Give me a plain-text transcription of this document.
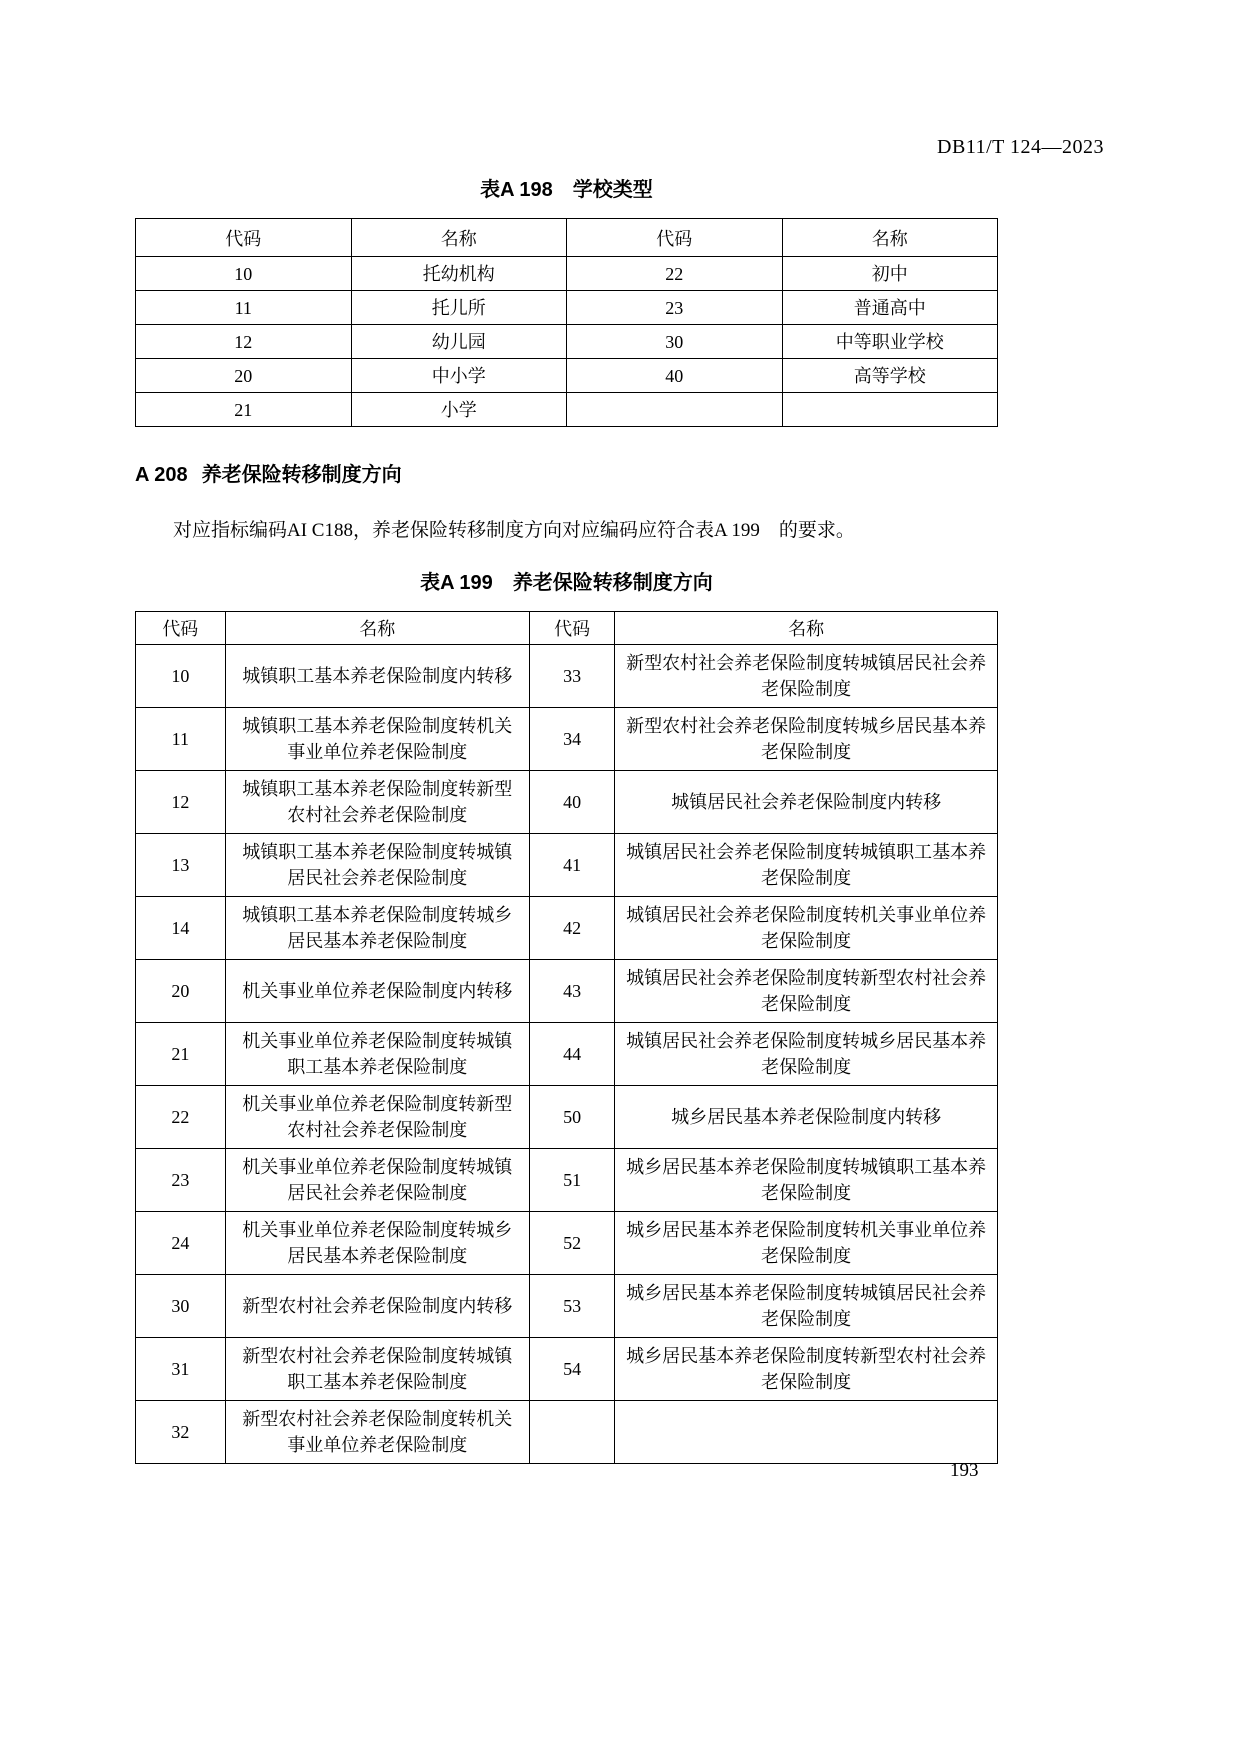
DB11/T 124—2023
表A 198　学校类型
代码	名称	代码	名称
10	托幼机构	22	初中
11	托儿所	23	普通高中
12	幼儿园	30	中等职业学校
20	中小学	40	高等学校
21	小学		
A 208 养老保险转移制度方向

对应指标编码AI C188，养老保险转移制度方向对应编码应符合表A 199　的要求。

表A 199　养老保险转移制度方向
代码	名称	代码	名称
10	城镇职工基本养老保险制度内转移	33	新型农村社会养老保险制度转城镇居民社会养老保险制度
11	城镇职工基本养老保险制度转机关事业单位养老保险制度	34	新型农村社会养老保险制度转城乡居民基本养老保险制度
12	城镇职工基本养老保险制度转新型农村社会养老保险制度	40	城镇居民社会养老保险制度内转移
13	城镇职工基本养老保险制度转城镇居民社会养老保险制度	41	城镇居民社会养老保险制度转城镇职工基本养老保险制度
14	城镇职工基本养老保险制度转城乡居民基本养老保险制度	42	城镇居民社会养老保险制度转机关事业单位养老保险制度
20	机关事业单位养老保险制度内转移	43	城镇居民社会养老保险制度转新型农村社会养老保险制度
21	机关事业单位养老保险制度转城镇职工基本养老保险制度	44	城镇居民社会养老保险制度转城乡居民基本养老保险制度
22	机关事业单位养老保险制度转新型农村社会养老保险制度	50	城乡居民基本养老保险制度内转移
23	机关事业单位养老保险制度转城镇居民社会养老保险制度	51	城乡居民基本养老保险制度转城镇职工基本养老保险制度
24	机关事业单位养老保险制度转城乡居民基本养老保险制度	52	城乡居民基本养老保险制度转机关事业单位养老保险制度
30	新型农村社会养老保险制度内转移	53	城乡居民基本养老保险制度转城镇居民社会养老保险制度
31	新型农村社会养老保险制度转城镇职工基本养老保险制度	54	城乡居民基本养老保险制度转新型农村社会养老保险制度
32	新型农村社会养老保险制度转机关事业单位养老保险制度		
193
